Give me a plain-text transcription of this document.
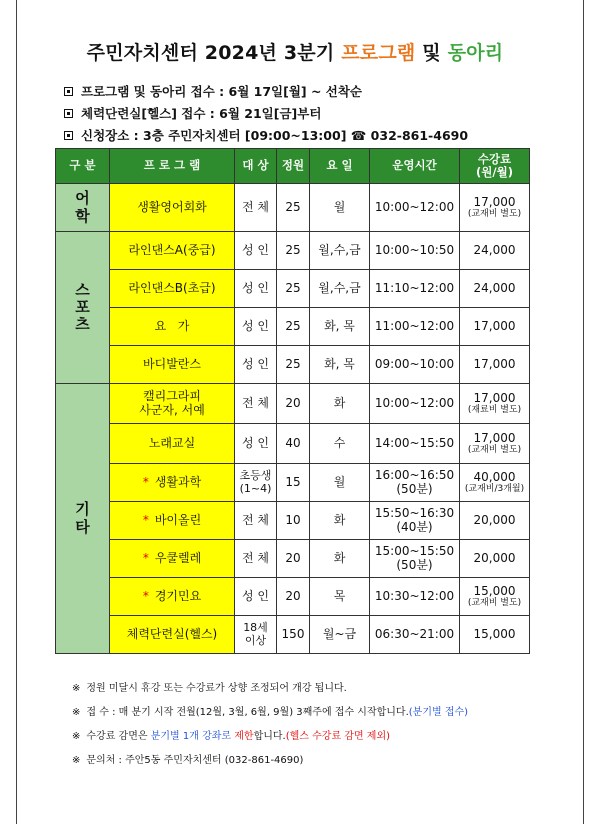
주민자치센터 2024년 3분기 프로그램 및 동아리
프로그램 및 동아리 접수 : 6월 17일[월] ~ 선착순
체력단련실[헬스] 접수 : 6월 21일[금]부터
신청장소 : 3층 주민자치센터 [09:00~13:00] ☎ 032-861-4690
구 분	프 로 그 램	대 상	정원	요 일	운영시간	수강료
(원/월)

어
학	생활영어회화	전 체	25	월	10:00~12:00	17,000
(교재비 별도)

스
포
츠	라인댄스A(중급)	성 인	25	월,수,금	10:00~10:50	24,000
	라인댄스B(초급)	성 인	25	월,수,금	11:10~12:00	24,000
	요   가	성 인	25	화, 목	11:00~12:00	17,000
	바디발란스	성 인	25	화, 목	09:00~10:00	17,000

기
타	캘리그라피
사군자, 서예	전 체	20	화	10:00~12:00	17,000
(재료비 별도)

	노래교실	성 인	40	수	14:00~15:50	17,000
(교재비 별도)

	* 생활과학	초등생
(1~4)	15	월	16:00~16:50
(50분)	40,000
(교재비/3개월)

	* 바이올린	전 체	10	화	15:50~16:30
(40분)	20,000
	* 우쿨렐레	전 체	20	화	15:00~15:50
(50분)	20,000
	* 경기민요	성 인	20	목	10:30~12:00	15,000
(교재비 별도)

	체력단련실(헬스)	18세
이상	150	월~금	06:30~21:00	15,000
※ 정원 미달시 휴강 또는 수강료가 상향 조정되어 개강 됩니다.
※ 접 수 : 매 분기 시작 전월(12월, 3월, 6월, 9월) 3째주에 접수 시작합니다.(분기별 접수)
※ 수강료 감면은 분기별 1개 강좌로 제한합니다.(헬스 수강료 감면 제외)
※ 문의처 : 주안5동 주민자치센터 (032-861-4690)
